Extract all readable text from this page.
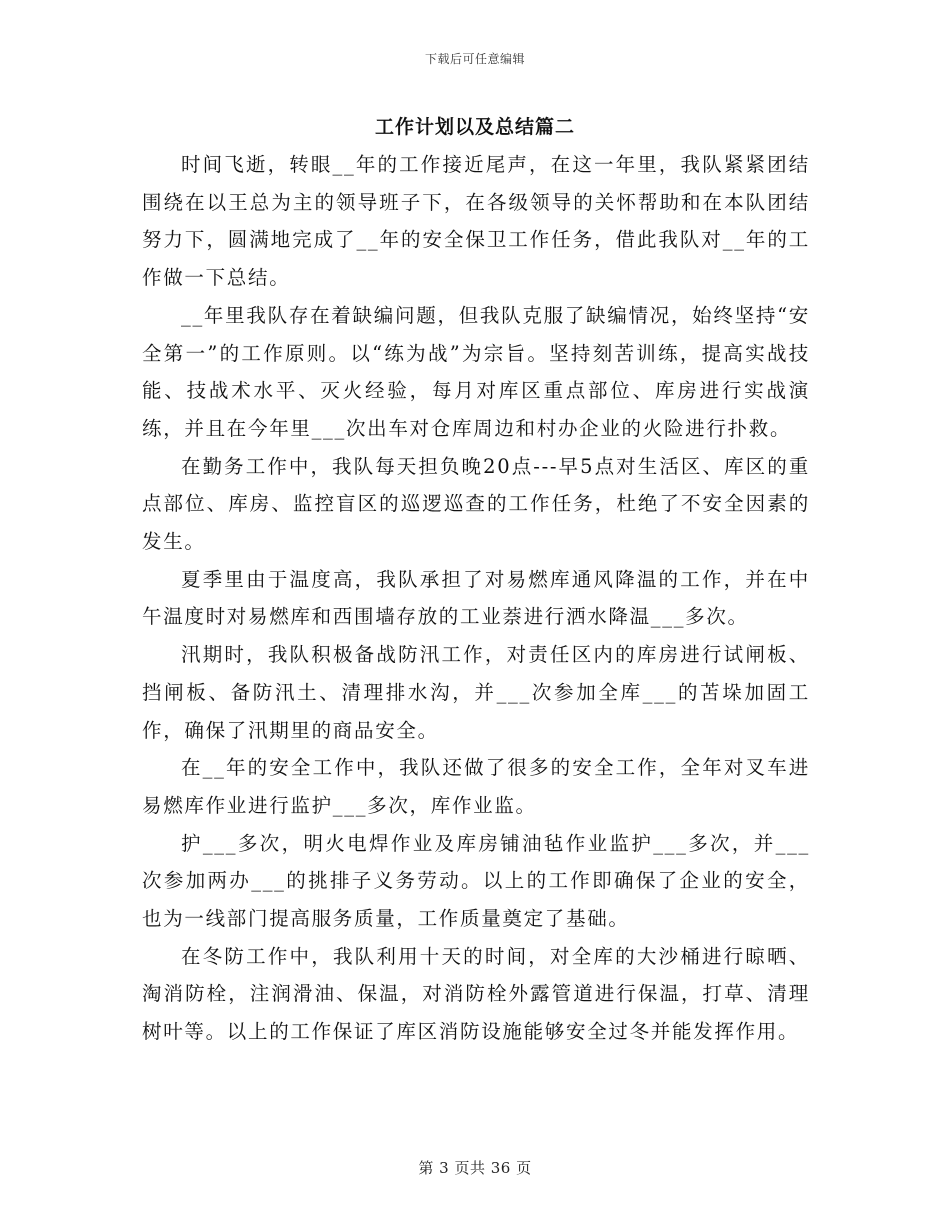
下载后可任意编辑
工作计划以及总结篇二

时间飞逝，转眼__年的工作接近尾声，在这一年里，我队紧紧团结围绕在以王总为主的领导班子下，在各级领导的关怀帮助和在本队团结努力下，圆满地完成了__年的安全保卫工作任务，借此我队对__年的工作做一下总结。

__年里我队存在着缺编问题，但我队克服了缺编情况，始终坚持“安全第一”的工作原则。以“练为战”为宗旨。坚持刻苦训练，提高实战技能、技战术水平、灭火经验，每月对库区重点部位、库房进行实战演练，并且在今年里___次出车对仓库周边和村办企业的火险进行扑救。

在勤务工作中，我队每天担负晚20点---早5点对生活区、库区的重点部位、库房、监控盲区的巡逻巡查的工作任务，杜绝了不安全因素的发生。

夏季里由于温度高，我队承担了对易燃库通风降温的工作，并在中午温度时对易燃库和西围墙存放的工业萘进行洒水降温___多次。

汛期时，我队积极备战防汛工作，对责任区内的库房进行试闸板、挡闸板、备防汛土、清理排水沟，并___次参加全库___的苫垛加固工作，确保了汛期里的商品安全。

在__年的安全工作中，我队还做了很多的安全工作，全年对叉车进易燃库作业进行监护___多次，库作业监。

护___多次，明火电焊作业及库房铺油毡作业监护___多次，并___次参加两办___的挑排子义务劳动。以上的工作即确保了企业的安全，也为一线部门提高服务质量，工作质量奠定了基础。

在冬防工作中，我队利用十天的时间，对全库的大沙桶进行晾晒、淘消防栓，注润滑油、保温，对消防栓外露管道进行保温，打草、清理树叶等。以上的工作保证了库区消防设施能够安全过冬并能发挥作用。

第 3 页共 36 页
